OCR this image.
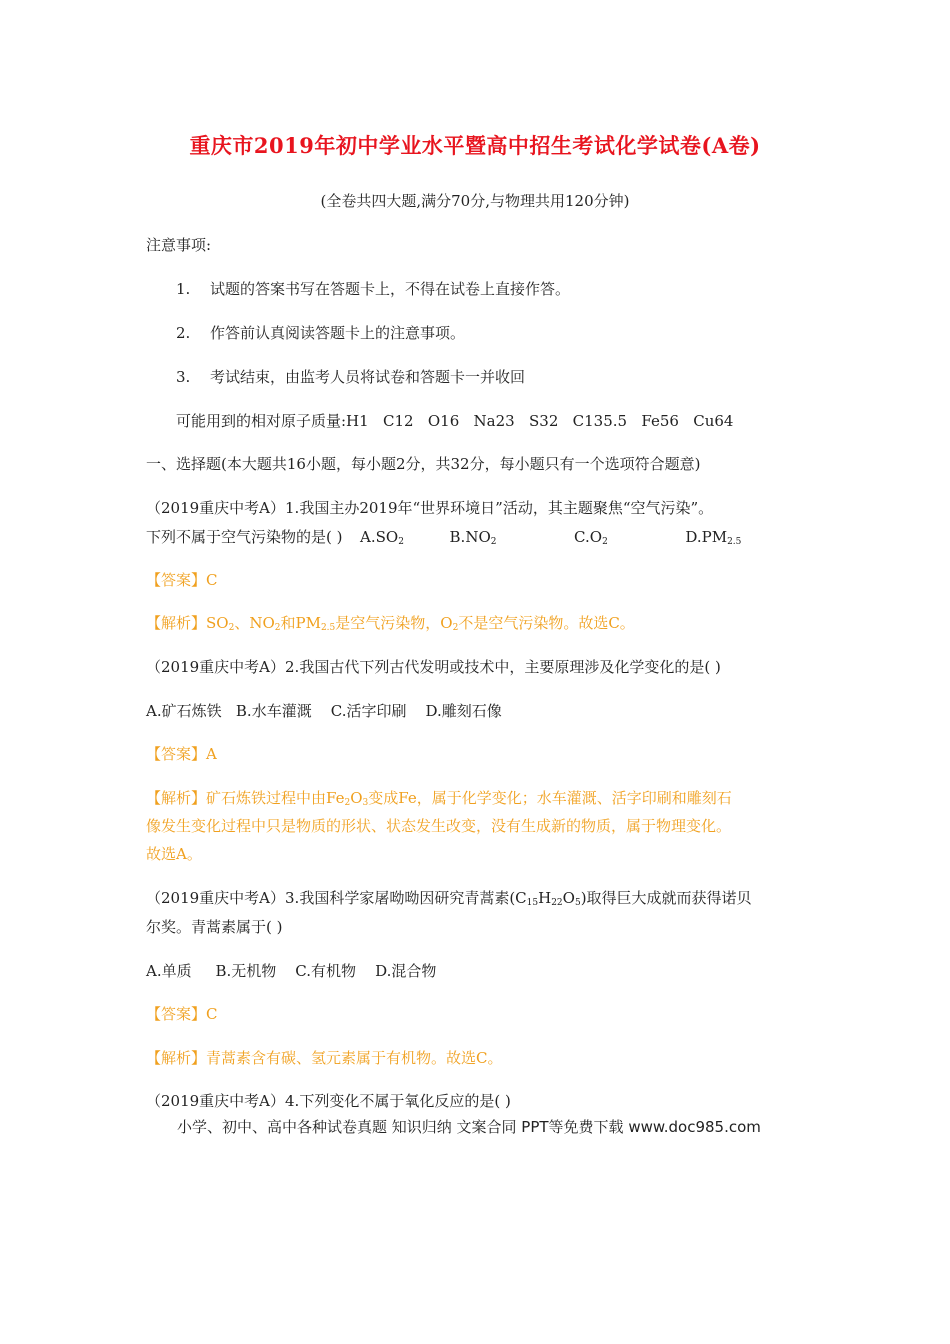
重庆市2019年初中学业水平暨高中招生考试化学试卷(A卷)
(全卷共四大题,满分70分,与物理共用120分钟)
注意事项:
1. 试题的答案书写在答题卡上，不得在试卷上直接作答。
2. 作答前认真阅读答题卡上的注意事项。
3. 考试结束，由监考人员将试卷和答题卡一并收回
可能用到的相对原子质量:H1   C12   O16   Na23   S32   C135.5   Fe56   Cu64
一、选择题(本大题共16小题，每小题2分，共32分，每小题只有一个选项符合题意)
（2019重庆中考A）1.我国主办2019年“世界环境日”活动，其主题聚焦“空气污染”。
下列不属于空气污染物的是( ) $A.SO_2$	$B.NO_2$	$C.O_2$	$D.PM_{2.5}$
【答案】C
【解析】$SO_2$、$NO_2$和$PM_{2.5}$是空气污染物，$O_2$不是空气污染物。故选C。
（2019重庆中考A）2.我国古代下列古代发明或技术中，主要原理涉及化学变化的是( )
A.矿石炼铁   B.水车灌溉    C.活字印刷    D.雕刻石像
【答案】A
【解析】矿石炼铁过程中由$Fe_2O_3$变成Fe，属于化学变化；水车灌溉、活字印刷和雕刻石
像发生变化过程中只是物质的形状、状态发生改变，没有生成新的物质，属于物理变化。
故选A。
（2019重庆中考A）3.我国科学家屠呦呦因研究青蒿素$(C_{15}H_{22}O_5)$取得巨大成就而获得诺贝
尔奖。青蒿素属于( )
A.单质     B.无机物    C.有机物    D.混合物
【答案】C
【解析】青蒿素含有碳、氢元素属于有机物。故选C。
（2019重庆中考A）4.下列变化不属于氧化反应的是( )
小学、初中、高中各种试卷真题 知识归纳 文案合同 PPT等免费下载 www.doc985.com
